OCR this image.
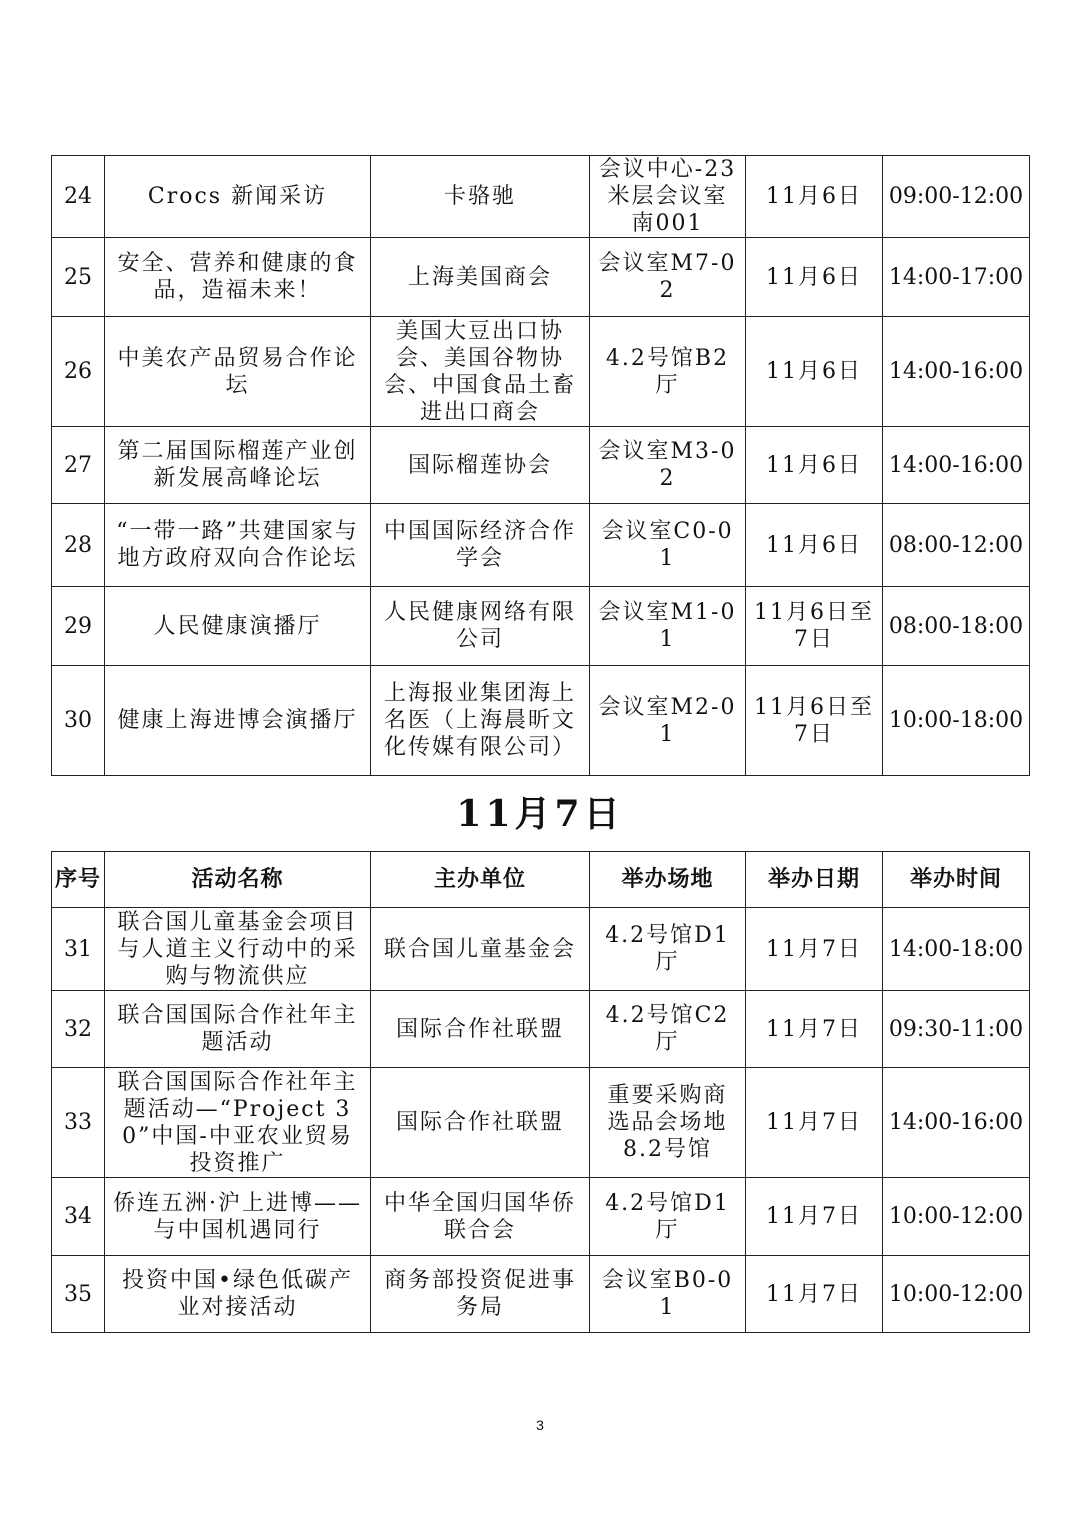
24	Crocs 新闻采访	卡骆驰	会议中心-23米层会议室南001	11月6日	09:00-12:00
25	安全、营养和健康的食品，造福未来！	上海美国商会	会议室M7-02	11月6日	14:00-17:00
26	中美农产品贸易合作论坛	美国大豆出口协会、美国谷物协会、中国食品土畜进出口商会	4.2号馆B2厅	11月6日	14:00-16:00
27	第二届国际榴莲产业创新发展高峰论坛	国际榴莲协会	会议室M3-02	11月6日	14:00-16:00
28	“一带一路”共建国家与地方政府双向合作论坛	中国国际经济合作学会	会议室C0-01	11月6日	08:00-12:00
29	人民健康演播厅	人民健康网络有限公司	会议室M1-01	11月6日至7日	08:00-18:00
30	健康上海进博会演播厅	上海报业集团海上名医（上海晨昕文化传媒有限公司）	会议室M2-01	11月6日至7日	10:00-18:00
11月7日
序号	活动名称	主办单位	举办场地	举办日期	举办时间
31	联合国儿童基金会项目与人道主义行动中的采购与物流供应	联合国儿童基金会	4.2号馆D1厅	11月7日	14:00-18:00
32	联合国国际合作社年主题活动	国际合作社联盟	4.2号馆C2厅	11月7日	09:30-11:00
33	联合国国际合作社年主题活动—“Project 30”中国-中亚农业贸易投资推广	国际合作社联盟	重要采购商选品会场地8.2号馆	11月7日	14:00-16:00
34	侨连五洲·沪上进博——与中国机遇同行	中华全国归国华侨联合会	4.2号馆D1厅	11月7日	10:00-12:00
35	投资中国•绿色低碳产业对接活动	商务部投资促进事务局	会议室B0-01	11月7日	10:00-12:00
3
